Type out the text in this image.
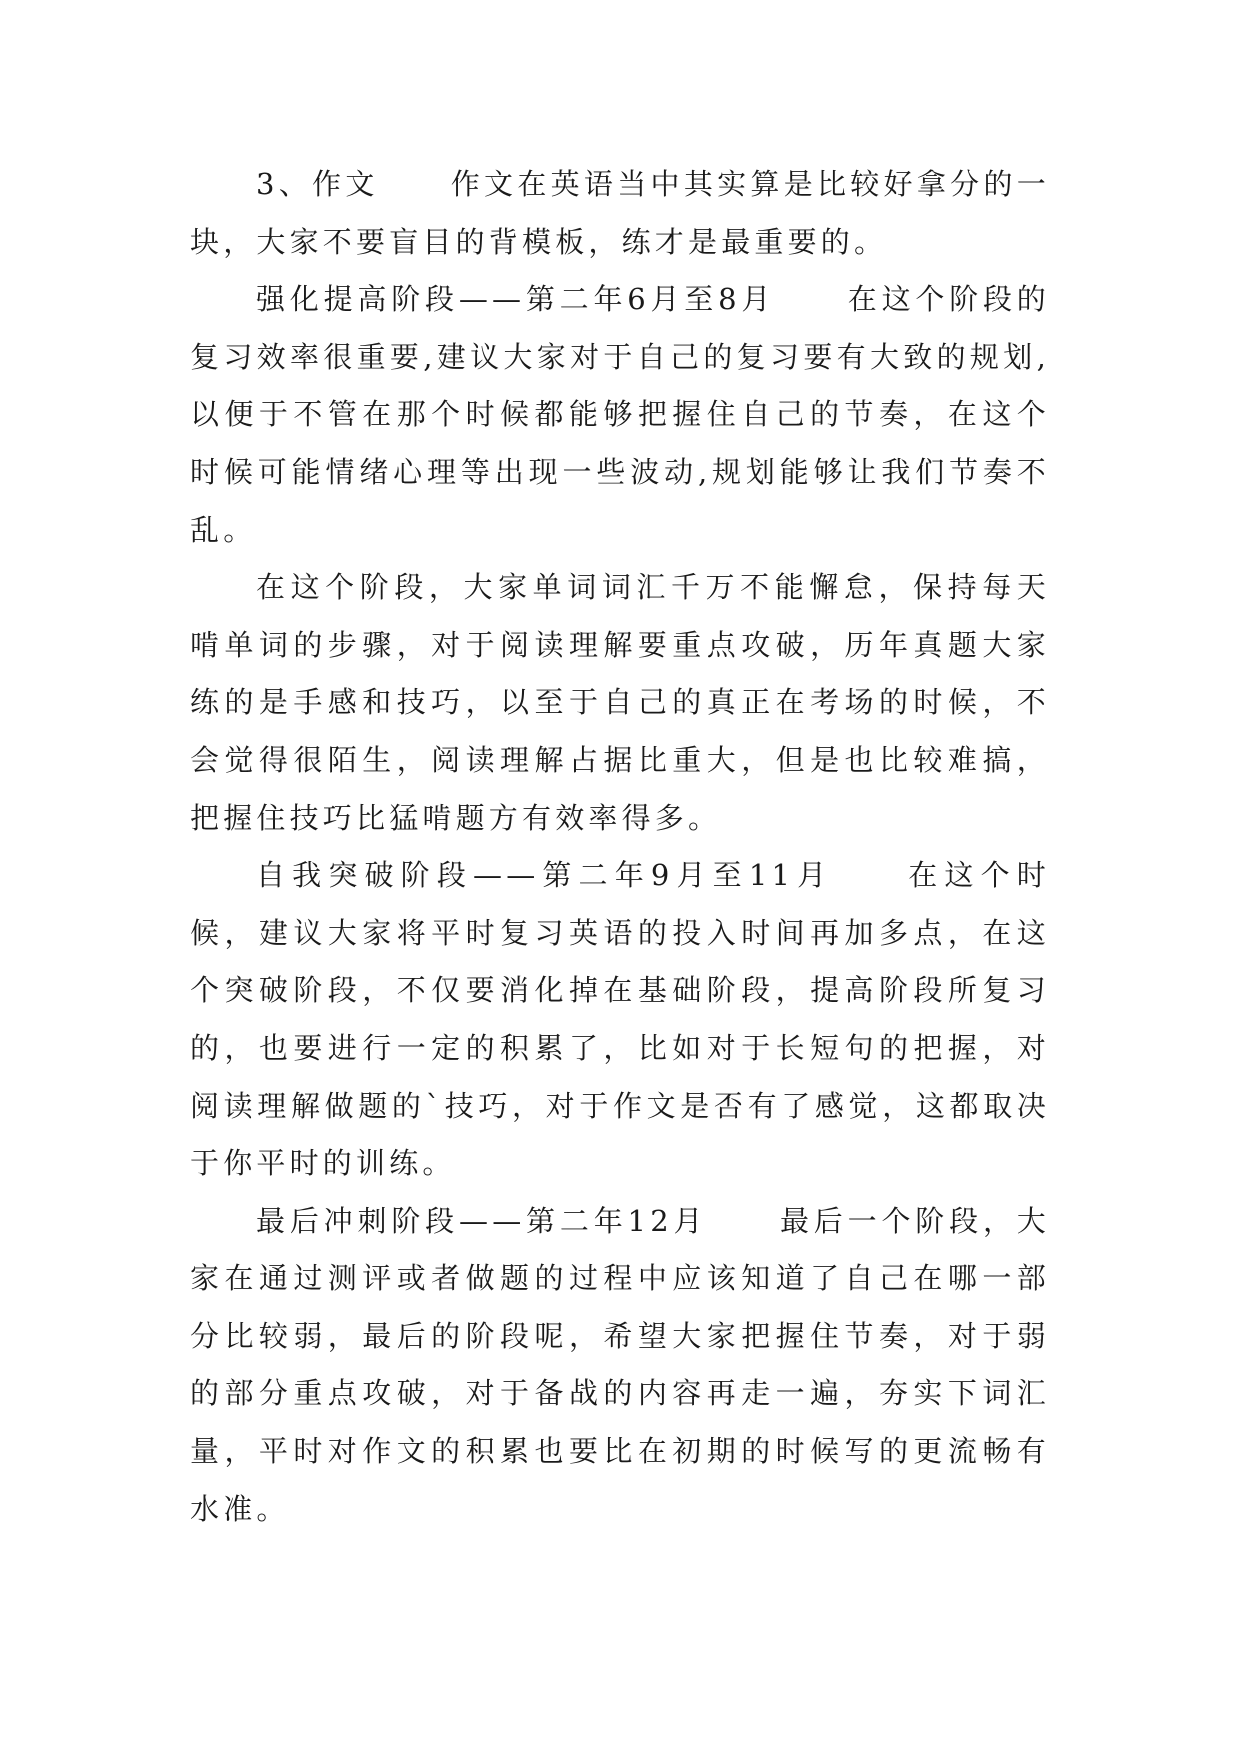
3、作文 作文在英语当中其实算是比较好拿分的一块，大家不要盲目的背模板，练才是最重要的。

强化提高阶段——第二年6月至8月 在这个阶段的复习效率很重要,建议大家对于自己的复习要有大致的规划,以便于不管在那个时候都能够把握住自己的节奏，在这个时候可能情绪心理等出现一些波动,规划能够让我们节奏不乱。

在这个阶段，大家单词词汇千万不能懈怠，保持每天啃单词的步骤，对于阅读理解要重点攻破，历年真题大家练的是手感和技巧，以至于自己的真正在考场的时候，不会觉得很陌生，阅读理解占据比重大，但是也比较难搞，把握住技巧比猛啃题方有效率得多。

自我突破阶段——第二年9月至11月 在这个时候，建议大家将平时复习英语的投入时间再加多点，在这个突破阶段，不仅要消化掉在基础阶段，提高阶段所复习的，也要进行一定的积累了，比如对于长短句的把握，对阅读理解做题的`技巧，对于作文是否有了感觉，这都取决于你平时的训练。

最后冲刺阶段——第二年12月 最后一个阶段，大家在通过测评或者做题的过程中应该知道了自己在哪一部分比较弱，最后的阶段呢，希望大家把握住节奏，对于弱的部分重点攻破，对于备战的内容再走一遍，夯实下词汇量，平时对作文的积累也要比在初期的时候写的更流畅有水准。
